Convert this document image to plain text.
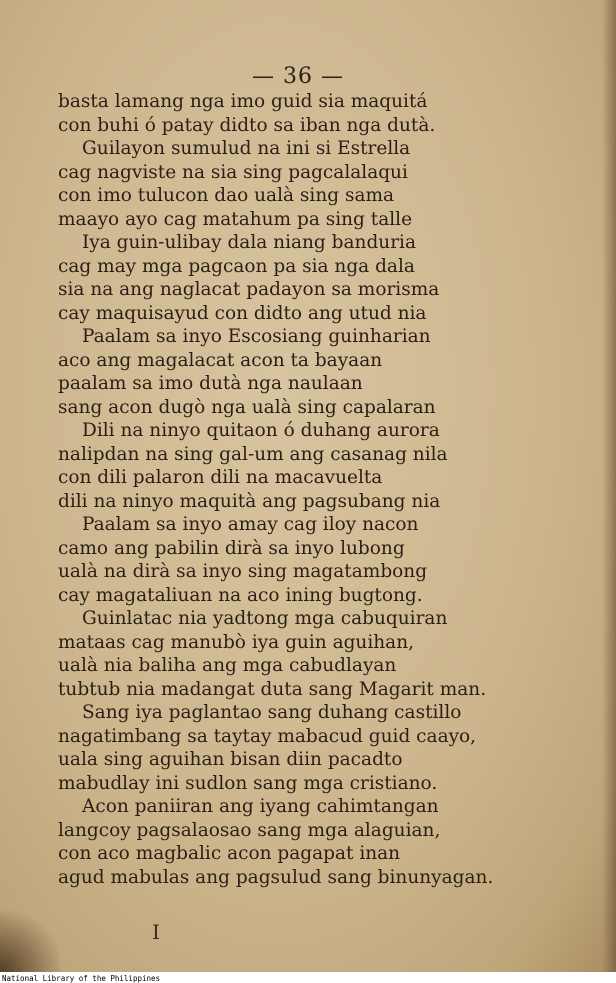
— 36 —
basta lamang nga imo guid sia maquitá
con buhi ó patay didto sa iban nga dutà.
Guilayon sumulud na ini si Estrella
cag nagviste na sia sing pagcalalaqui
con imo tulucon dao ualà sing sama
maayo ayo cag matahum pa sing talle
Iya guin-ulibay dala niang banduria
cag may mga pagcaon pa sia nga dala
sia na ang naglacat padayon sa morisma
cay maquisayud con didto ang utud nia
Paalam sa inyo Escosiang guinharian
aco ang magalacat acon ta bayaan
paalam sa imo dutà nga naulaan
sang acon dugò nga ualà sing capalaran
Dili na ninyo quitaon ó duhang aurora
nalipdan na sing gal-um ang casanag nila
con dili palaron dili na macavuelta
dili na ninyo maquità ang pagsubang nia
Paalam sa inyo amay cag iloy nacon
camo ang pabilin dirà sa inyo lubong
ualà na dirà sa inyo sing magatambong
cay magataliuan na aco ining bugtong.
Guinlatac nia yadtong mga cabuquiran
mataas cag manubò iya guin aguihan,
ualà nia baliha ang mga cabudlayan
tubtub nia madangat duta sang Magarit man.
Sang iya paglantao sang duhang castillo
nagatimbang sa taytay mabacud guid caayo,
uala sing aguihan bisan diin pacadto
mabudlay ini sudlon sang mga cristiano.
Acon paniiran ang iyang cahimtangan
langcoy pagsalaosao sang mga alaguian,
con aco magbalic acon pagapat inan
agud mabulas ang pagsulud sang binunyagan.
I
National Library of the Philippines
